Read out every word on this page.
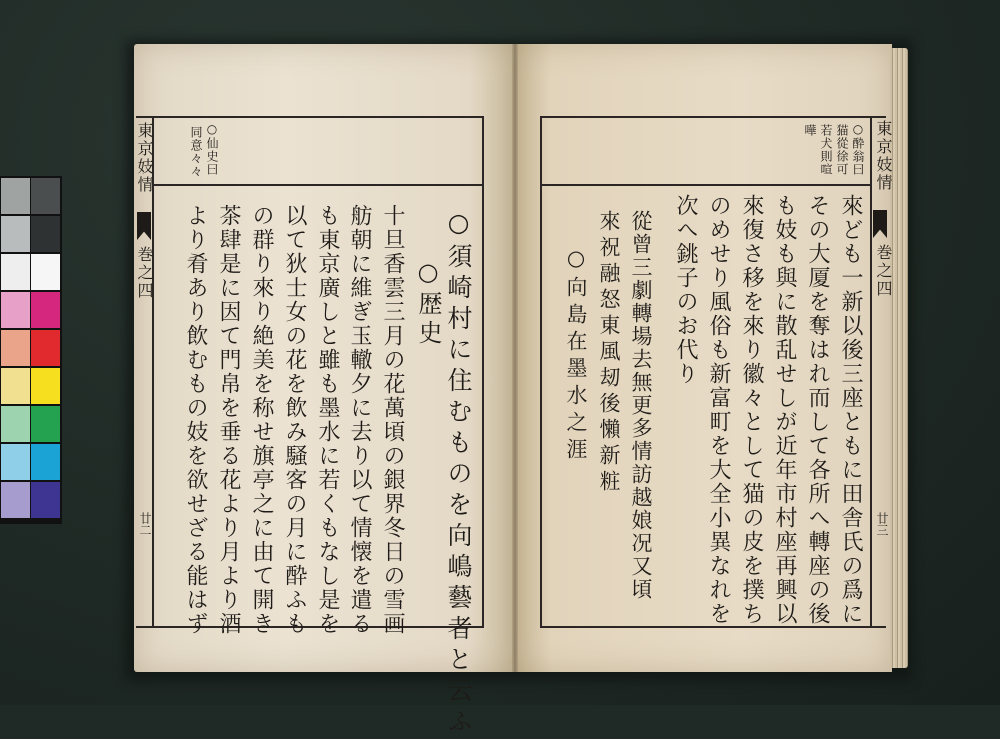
東京妓情
巻之四
廿二
○仙史曰
同意々々
○須崎村に住むものを向嶋藝者と云ふ
○歴史
十旦香雲三月の花萬頃の銀界冬日の雪画
舫朝に維ぎ玉轍夕に去り以て情懐を遣る
も東京廣しと雖も墨水に若くもなし是を
以て狄士女の花を飲み騒客の月に酔ふも
の群り來り絶美を称せ旗亭之に由て開き
茶肆是に因て門帛を垂る花より月より酒
より肴あり飲むもの妓を欲せざる能はず
東京妓情
巻之四
廿三
○酔翁曰
猫從徐可
若犬則喧
嘩
來ども一新以後三座ともに田舎氏の爲に
その大厦を奪はれ而して各所へ轉座の後
も妓も與に散乱せしが近年市村座再興以
來復さ移を來り徽々として猫の皮を撲ち
のめせり風俗も新富町を大全小異なれを
次へ銚子のお代り
從曾三劇轉場去無更多情訪越娘况又頃
來祝融怒東風刼後懶新粧
○向島在墨水之涯
